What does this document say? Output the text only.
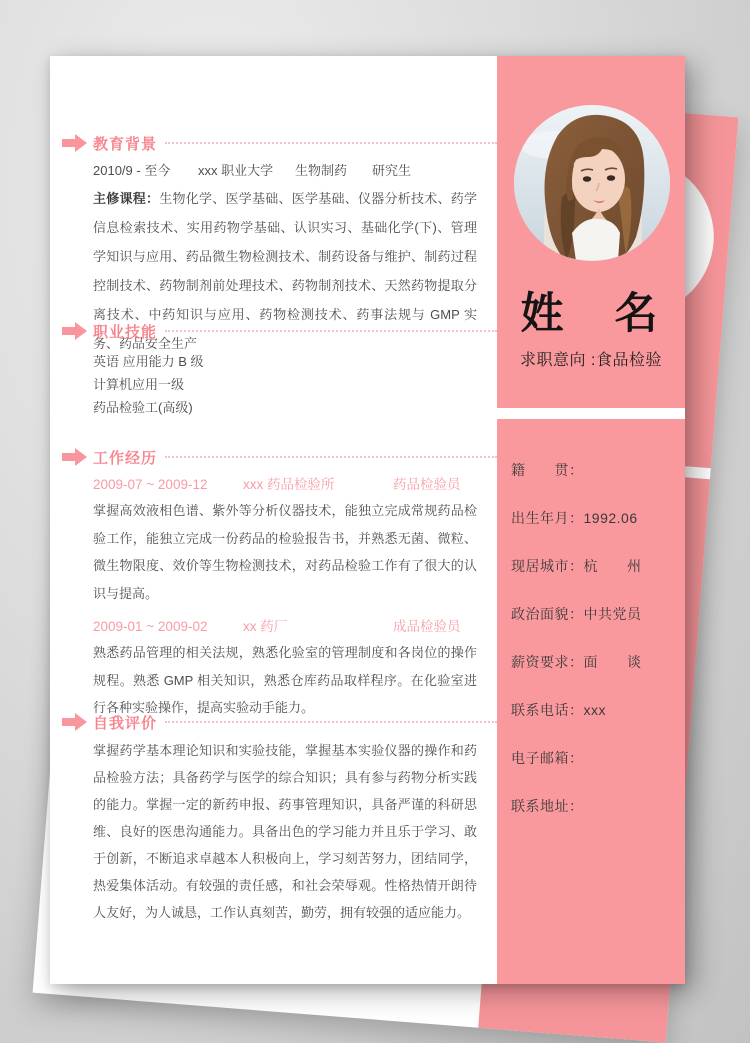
教育背景
2010/9 - 至今	xxx 职业大学	生物制药	研究生
主修课程：生物化学、医学基础、医学基础、仪器分析技术、药学信息检索技术、实用药物学基础、认识实习、基础化学(下)、管理学知识与应用、药品微生物检测技术、制药设备与维护、制药过程控制技术、药物制剂前处理技术、药物制剂技术、天然药物提取分离技术、中药知识与应用、药物检测技术、药事法规与 GMP 实务、药品安全生产
职业技能
英语 应用能力 B 级
计算机应用一级
药品检验工(高级)
工作经历
2009-07 ~ 2009-12	xxx 药品检验所	药品检验员
掌握高效液相色谱、紫外等分析仪器技术，能独立完成常规药品检验工作，能独立完成一份药品的检验报告书，并熟悉无菌、微粒、微生物限度、效价等生物检测技术，对药品检验工作有了很大的认识与提高。
2009-01 ~ 2009-02	xx 药厂	成品检验员
熟悉药品管理的相关法规，熟悉化验室的管理制度和各岗位的操作规程。熟悉 GMP 相关知识，熟悉仓库药品取样程序。在化验室进行各种实验操作，提高实验动手能力。
自我评价
掌握药学基本理论知识和实验技能，掌握基本实验仪器的操作和药品检验方法；具备药学与医学的综合知识；具有参与药物分析实践的能力。掌握一定的新药申报、药事管理知识，具备严谨的科研思维、良好的医患沟通能力。具备出色的学习能力并且乐于学习、敢于创新，不断追求卓越本人积极向上，学习刻苦努力，团结同学，热爱集体活动。有较强的责任感，和社会荣辱观。性格热情开朗待人友好，为人诚恳，工作认真刻苦，勤劳，拥有较强的适应能力。
姓　名
求职意向 :食品检验
籍　　贯：
出生年月：1992.06
现居城市：杭　　州
政治面貌：中共党员
薪资要求：面　　谈
联系电话：xxx
电子邮箱：
联系地址：
